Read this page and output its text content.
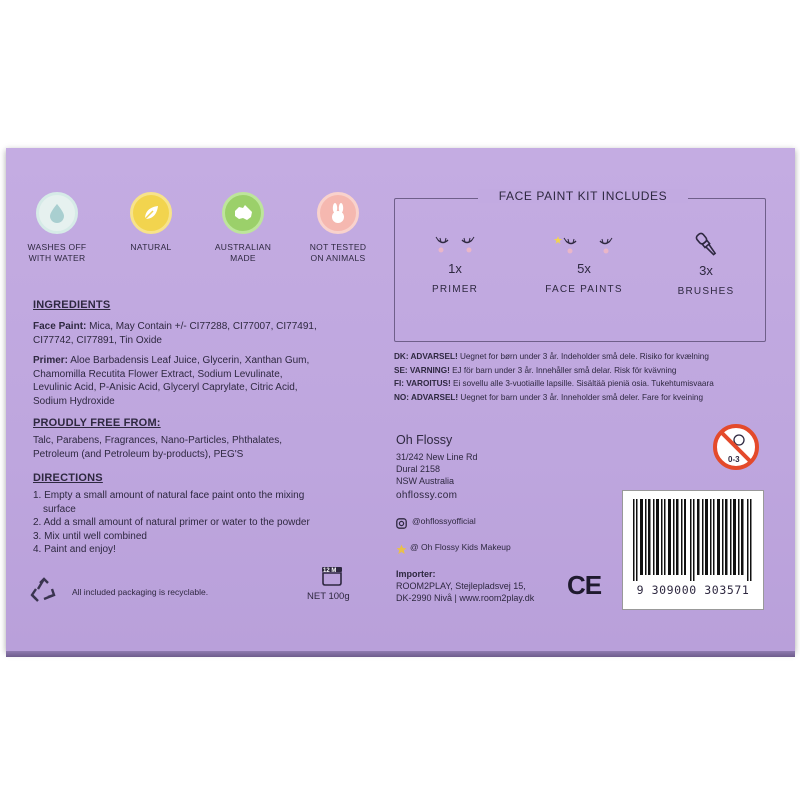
WASHES OFF
WITH WATER
NATURAL	AUSTRALIAN
MADE
NOT TESTED
ON ANIMALS
INGREDIENTS
Face Paint: Mica, May Contain +/- CI77288, CI77007, CI77491,
CI77742, CI77891, Tin Oxide
Primer: Aloe Barbadensis Leaf Juice, Glycerin, Xanthan Gum,
Chamomilla Recutita Flower Extract, Sodium Levulinate,
Levulinic Acid, P-Anisic Acid, Glyceryl Caprylate, Citric Acid,
Sodium Hydroxide
PROUDLY FREE FROM:
Talc, Parabens, Fragrances, Nano-Particles, Phthalates,
Petroleum (and Petroleum by-products), PEG'S
DIRECTIONS
1. Empty a small amount of natural face paint onto the mixing
surface
2. Add a small amount of natural primer or water to the powder
3. Mix until well combined
4. Paint and enjoy!
All included packaging is recyclable.
12 M
NET 100g
FACE PAINT KIT INCLUDES
1x
PRIMER
5x
FACE PAINTS
3x
BRUSHES
DK: ADVARSEL! Uegnet for børn under 3 år. Indeholder små dele. Risiko for kvælning
SE: VARNING! EJ för barn under 3 år. Innehåller små delar. Risk för kvävning
FI: VAROITUS! Ei sovellu alle 3-vuotiaille lapsille. Sisältää pieniä osia. Tukehtumisvaara
NO: ADVARSEL! Uegnet for barn under 3 år. Inneholder små deler. Fare for kveining
Oh Flossy
31/242 New Line Rd
Dural 2158
NSW Australia
ohflossy.com
@ohflossyofficial
@ Oh Flossy Kids Makeup
Importer:
ROOM2PLAY, Stejlepladsvej 15,
DK-2990 Nivå | www.room2play.dk CE
0-3
9 309000 303571
